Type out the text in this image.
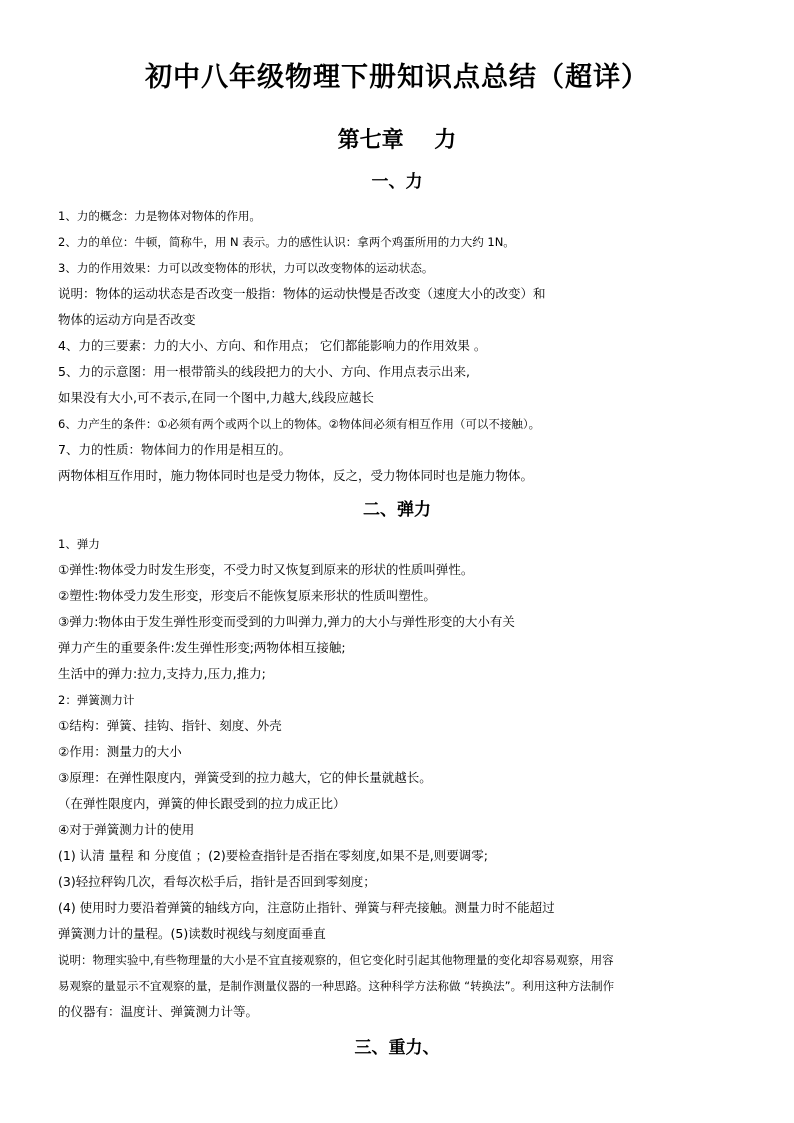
初中八年级物理下册知识点总结（超详）
第七章    力
一、力
1、力的概念：力是物体对物体的作用。
2、力的单位：牛顿，简称牛，用 N 表示。力的感性认识：拿两个鸡蛋所用的力大约 1N。
3、力的作用效果：力可以改变物体的形状，力可以改变物体的运动状态。
说明：物体的运动状态是否改变一般指：物体的运动快慢是否改变（速度大小的改变）和
物体的运动方向是否改变
4、力的三要素：力的大小、方向、和作用点； 它们都能影响力的作用效果 。
5、力的示意图：用一根带箭头的线段把力的大小、方向、作用点表示出来,
如果没有大小,可不表示,在同一个图中,力越大,线段应越长
6、力产生的条件：①必须有两个或两个以上的物体。②物体间必须有相互作用（可以不接触）。
7、力的性质：物体间力的作用是相互的。
两物体相互作用时，施力物体同时也是受力物体，反之，受力物体同时也是施力物体。
二、弹力
1、弹力
①弹性:物体受力时发生形变，不受力时又恢复到原来的形状的性质叫弹性。
②塑性:物体受力发生形变，形变后不能恢复原来形状的性质叫塑性。
③弹力:物体由于发生弹性形变而受到的力叫弹力,弹力的大小与弹性形变的大小有关
弹力产生的重要条件:发生弹性形变;两物体相互接触;
生活中的弹力:拉力,支持力,压力,推力;
2：弹簧测力计
①结构：弹簧、挂钩、指针、刻度、外壳
②作用：测量力的大小
③原理：在弹性限度内，弹簧受到的拉力越大，它的伸长量就越长。
（在弹性限度内，弹簧的伸长跟受到的拉力成正比）
④对于弹簧测力计的使用
(1) 认清 量程 和 分度值 ；(2)要检查指针是否指在零刻度,如果不是,则要调零;
(3)轻拉秤钩几次，看每次松手后，指针是否回到零刻度；
(4) 使用时力要沿着弹簧的轴线方向，注意防止指针、弹簧与秤壳接触。测量力时不能超过
弹簧测力计的量程。(5)读数时视线与刻度面垂直
说明：物理实验中,有些物理量的大小是不宜直接观察的，但它变化时引起其他物理量的变化却容易观察，用容
易观察的量显示不宜观察的量，是制作测量仪器的一种思路。这种科学方法称做 “转换法”。利用这种方法制作
的仪器有：温度计、弹簧测力计等。
三、重力、
